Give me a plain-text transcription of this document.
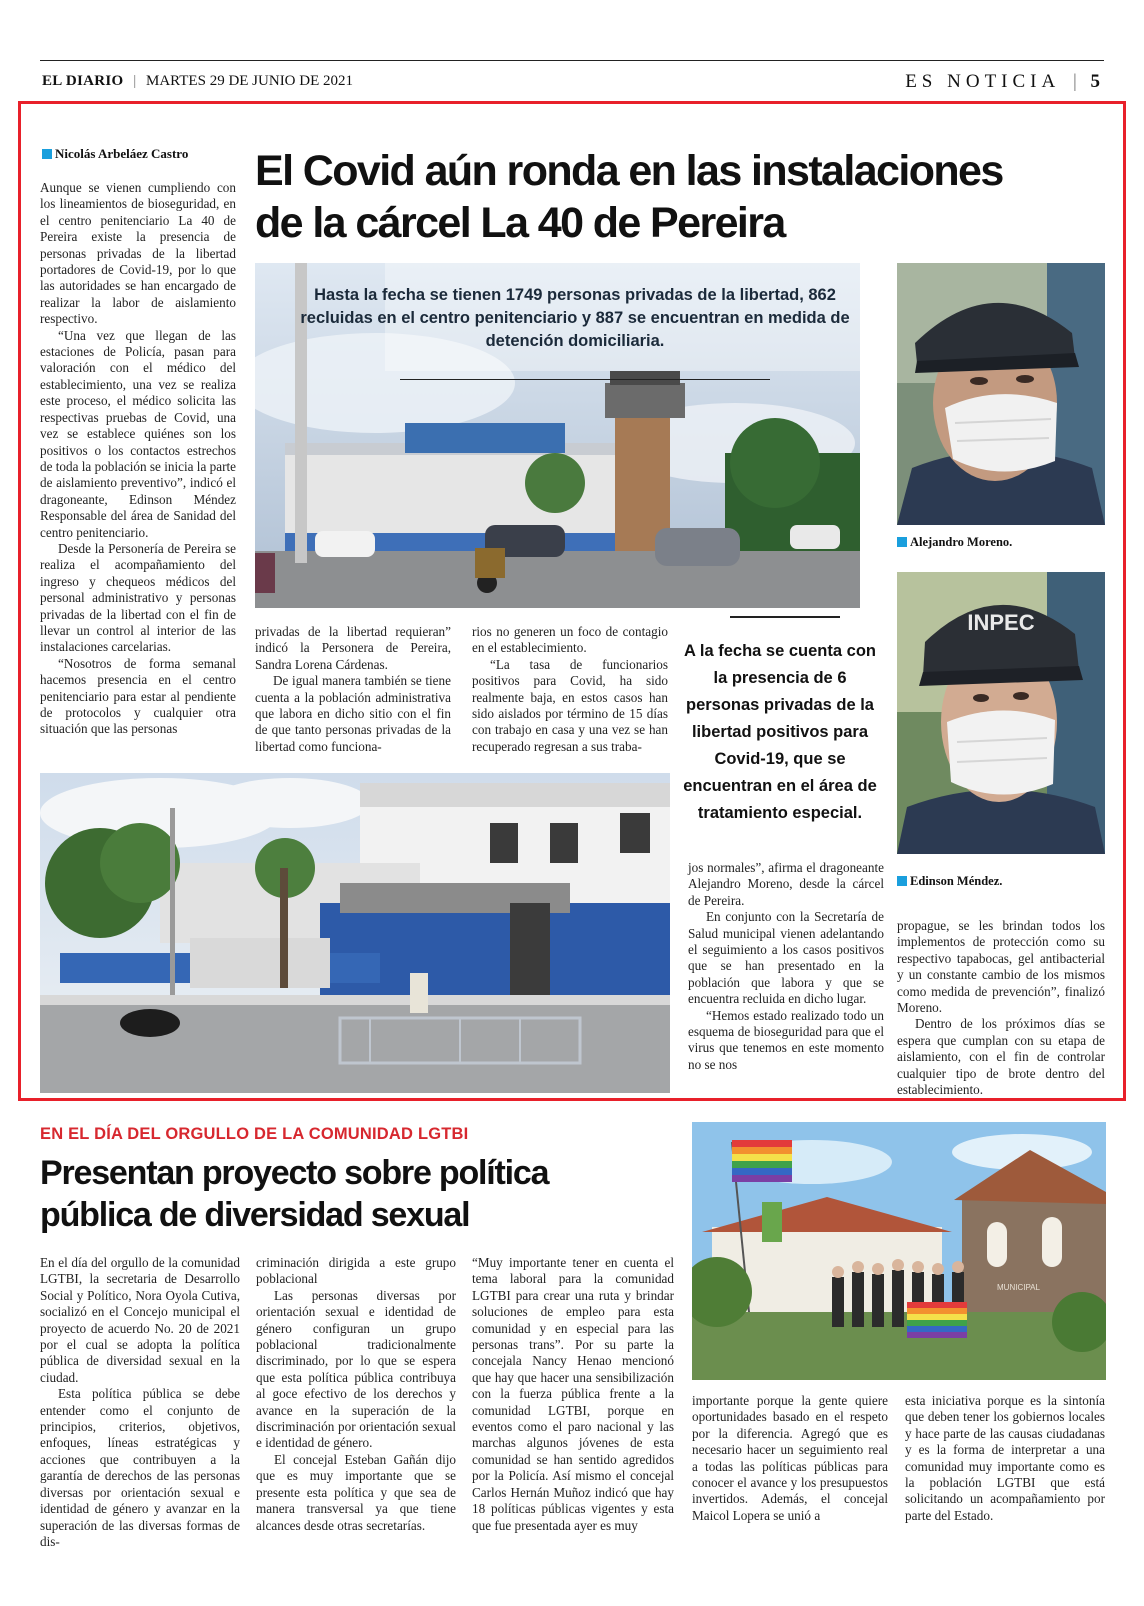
EL DIARIO | MARTES 29 DE JUNIO DE 2021	ES NOTICIA | 5
Nicolás Arbeláez Castro El Covid aún ronda en las instalaciones
de la cárcel La 40 de Pereira

Aunque se vienen cumpliendo con los lineamientos de bioseguridad, en el centro penitenciario La 40 de Pereira existe la presencia de personas privadas de la libertad portadores de Covid-19, por lo que las autoridades se han encargado de realizar la labor de aislamiento respectivo.

“Una vez que llegan de las estaciones de Policía, pasan para valoración con el médico del establecimiento, una vez se realiza este proceso, el médico solicita las respectivas pruebas de Covid, una vez se establece quiénes son los positivos o los contactos estrechos de toda la población se inicia la parte de aislamiento preventivo”, indicó el dragoneante, Edinson Méndez Responsable del área de Sanidad del centro penitenciario.

Desde la Personería de Pereira se realiza el acompañamiento del ingreso y chequeos médicos del personal administrativo y personas privadas de la libertad con el fin de llevar un control al interior de las instalaciones carcelarias.

“Nosotros de forma semanal hacemos presencia en el centro penitenciario para estar al pendiente de protocolos y cualquier otra situación que las personas

Hasta la fecha se tienen 1749 personas privadas de la libertad, 862 recluidas en el centro penitenciario y 887 se encuentran en medida de detención domiciliaria.
Alejandro Moreno.
INPEC
Edinson Méndez.

privadas de la libertad requieran” indicó la Personera de Pereira, Sandra Lorena Cárdenas.

De igual manera también se tiene cuenta a la población administrativa que labora en dicho sitio con el fin de que tanto personas privadas de la libertad como funciona-

rios no generen un foco de contagio en el establecimiento.

“La tasa de funcionarios positivos para Covid, ha sido realmente baja, en estos casos han sido aislados por término de 15 días con trabajo en casa y una vez se han recuperado regresan a sus traba-

A la fecha se cuenta con la presencia de 6 personas privadas de la libertad positivos para Covid-19, que se encuentran en el área de tratamiento especial.

jos normales”, afirma el dragoneante Alejandro Moreno, desde la cárcel de Pereira.

En conjunto con la Secretaría de Salud municipal vienen adelantando el seguimiento a los casos positivos que se han presentado en la población que labora y que se encuentra recluida en dicho lugar.

“Hemos estado realizado todo un esquema de bioseguridad para que el virus que tenemos en este momento no se nos

propague, se les brindan todos los implementos de protección como su respectivo tapabocas, gel antibacterial y un constante cambio de los mismos como medida de prevención”, finalizó Moreno.

Dentro de los próximos días se espera que cumplan con su etapa de aislamiento, con el fin de controlar cualquier tipo de brote dentro del establecimiento.

EN EL DÍA DEL ORGULLO DE LA COMUNIDAD LGTBI
Presentan proyecto sobre política
pública de diversidad sexual
MUNICIPAL

En el día del orgullo de la comunidad LGTBI, la secretaria de Desarrollo Social y Político, Nora Oyola Cutiva, socializó en el Concejo municipal el proyecto de acuerdo No. 20 de 2021 por el cual se adopta la política pública de diversidad sexual en la ciudad.

Esta política pública se debe entender como el conjunto de principios, criterios, objetivos, enfoques, líneas estratégicas y acciones que contribuyen a la garantía de derechos de las personas diversas por orientación sexual e identidad de género y avanzar en la superación de las diversas formas de dis-

criminación dirigida a este grupo poblacional

Las personas diversas por orientación sexual e identidad de género configuran un grupo poblacional tradicionalmente discriminado, por lo que se espera que esta política pública contribuya al goce efectivo de los derechos y avance en la superación de la discriminación por orientación sexual e identidad de género.

El concejal Esteban Gañán dijo que es muy importante que se presente esta política y que sea de manera transversal ya que tiene alcances desde otras secretarías.

“Muy importante tener en cuenta el tema laboral para la comunidad LGTBI para crear una ruta y brindar soluciones de empleo para esta comunidad y en especial para las personas trans”. Por su parte la concejala Nancy Henao mencionó que hay que hacer una sensibilización con la fuerza pública frente a la comunidad LGTBI, porque en eventos como el paro nacional y las marchas algunos jóvenes de esta comunidad se han sentido agredidos por la Policía. Así mismo el concejal Carlos Hernán Muñoz indicó que hay 18 políticas públicas vigentes y esta que fue presentada ayer es muy

importante porque la gente quiere oportunidades basado en el respeto por la diferencia. Agregó que es necesario hacer un seguimiento real a todas las políticas públicas para conocer el avance y los presupuestos invertidos. Además, el concejal Maicol Lopera se unió a

esta iniciativa porque es la sintonía que deben tener los gobiernos locales y hace parte de las causas ciudadanas y es la forma de interpretar a una comunidad muy importante como es la población LGTBI que está solicitando un acompañamiento por parte del Estado.
